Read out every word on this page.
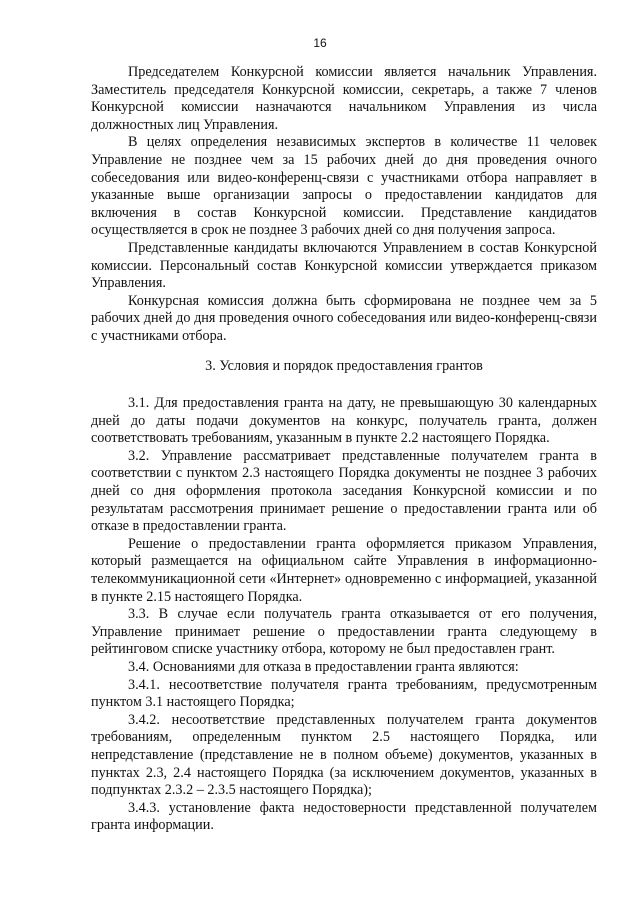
16

Председателем Конкурсной комиссии является начальник Управления. Заместитель председателя Конкурсной комиссии, секретарь, а также 7 членов Конкурсной комиссии назначаются начальником Управления из числа должностных лиц Управления.

В целях определения независимых экспертов в количестве 11 человек Управление не позднее чем за 15 рабочих дней до дня проведения очного собеседования или видео-конференц-связи с участниками отбора направляет в указанные выше организации запросы о предоставлении кандидатов для включения в состав Конкурсной комиссии. Представление кандидатов осуществляется в срок не позднее 3 рабочих дней со дня получения запроса.

Представленные кандидаты включаются Управлением в состав Конкурсной комиссии. Персональный состав Конкурсной комиссии утверждается приказом Управления.

Конкурсная комиссия должна быть сформирована не позднее чем за 5 рабочих дней до дня проведения очного собеседования или видео-конференц-связи с участниками отбора.

3. Условия и порядок предоставления грантов

3.1. Для предоставления гранта на дату, не превышающую 30 календарных дней до даты подачи документов на конкурс, получатель гранта, должен соответствовать требованиям, указанным в пункте 2.2 настоящего Порядка.

3.2. Управление рассматривает представленные получателем гранта в соответствии с пунктом 2.3 настоящего Порядка документы не позднее 3 рабочих дней со дня оформления протокола заседания Конкурсной комиссии и по результатам рассмотрения принимает решение о предоставлении гранта или об отказе в предоставлении гранта.

Решение о предоставлении гранта оформляется приказом Управления, который размещается на официальном сайте Управления в информационно-телекоммуникационной сети «Интернет» одновременно с информацией, указанной в пункте 2.15 настоящего Порядка.

3.3. В случае если получатель гранта отказывается от его получения, Управление принимает решение о предоставлении гранта следующему в рейтинговом списке участнику отбора, которому не был предоставлен грант.

3.4. Основаниями для отказа в предоставлении гранта являются:

3.4.1. несоответствие получателя гранта требованиям, предусмотренным пунктом 3.1 настоящего Порядка;

3.4.2. несоответствие представленных получателем гранта документов требованиям, определенным пунктом 2.5 настоящего Порядка, или непредставление (представление не в полном объеме) документов, указанных в пунктах 2.3, 2.4 настоящего Порядка (за исключением документов, указанных в подпунктах 2.3.2 – 2.3.5 настоящего Порядка);

3.4.3. установление факта недостоверности представленной получателем гранта информации.
